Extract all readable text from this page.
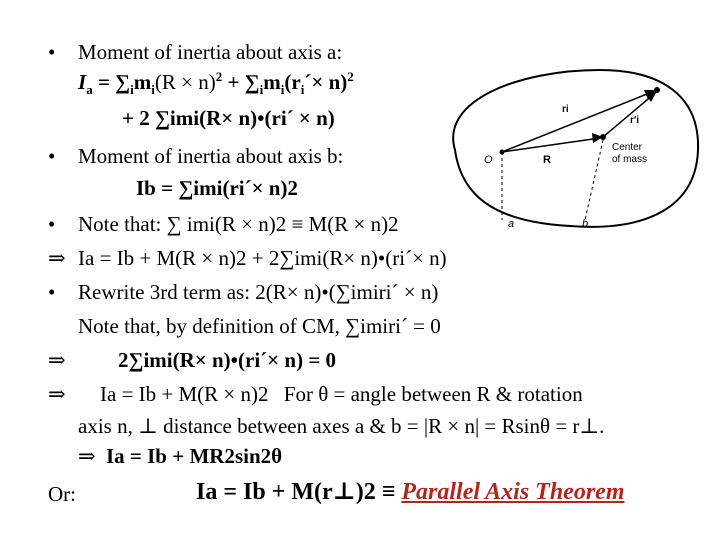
O	R
ri
r′i
Center
of mass
a	b
• Moment of inertia about axis a:
$I_a = \sum_im_i(R \times n)^2$ + $\sum_im_i(r_i´\times n)^2$
+ 2 ∑imi(R× n)•(ri´ × n)
• Moment of inertia about axis b:
Ib = ∑imi(ri´× n)2
• Note that: ∑ imi(R × n)2 ≡ M(R × n)2
⇒ Ia = Ib + M(R × n)2 + 2∑imi(R× n)•(ri´× n)
• Rewrite 3rd term as: 2(R× n)•(∑imiri´ × n)
Note that, by definition of CM, ∑imiri´ = 0
⇒ 2∑imi(R× n)•(ri´× n) = 0
⇒ Ia = Ib + M(R × n)2 For θ = angle between R & rotation
axis n, ⊥ distance between axes a & b = |R × n| = Rsinθ = r⊥.
⇒ Ia = Ib + MR2sin2θ
Or:	Ia = Ib + M(r⊥)2 ≡ Parallel Axis Theorem
